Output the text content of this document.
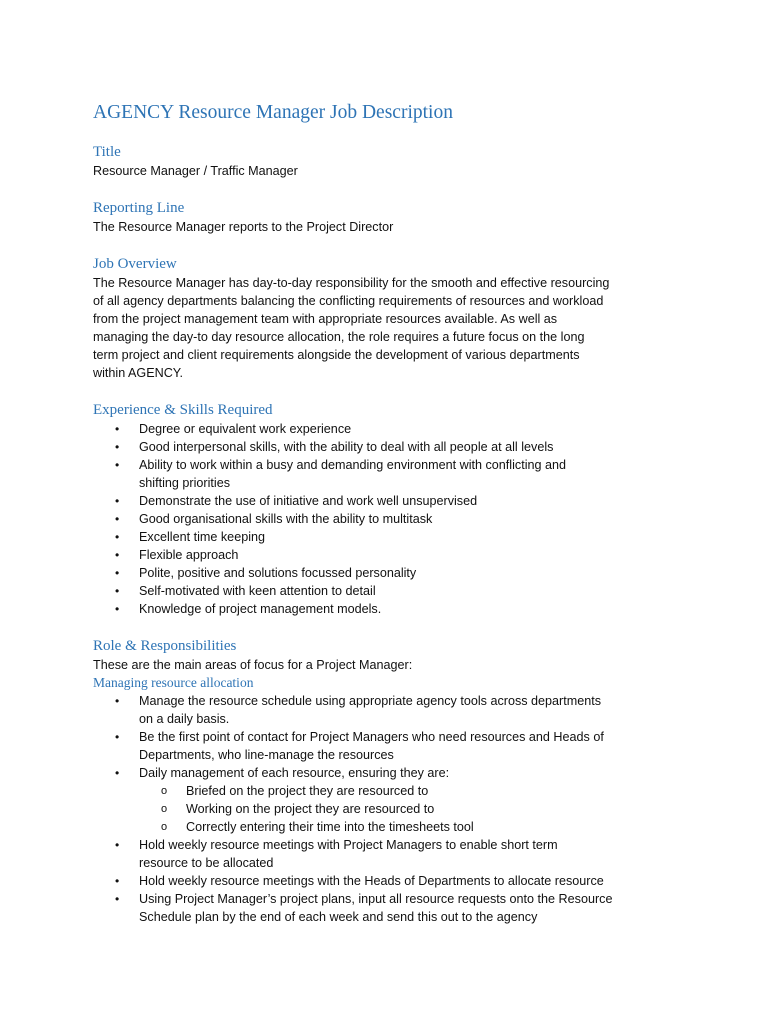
AGENCY Resource Manager Job Description
Title

Resource Manager / Traffic Manager

Reporting Line

The Resource Manager reports to the Project Director

Job Overview

The Resource Manager has day-to-day responsibility for the smooth and effective resourcing

of all agency departments balancing the conflicting requirements of resources and workload

from the project management team with appropriate resources available. As well as

managing the day-to day resource allocation, the role requires a future focus on the long

term project and client requirements alongside the development of various departments

within AGENCY.

Experience & Skills Required
• Degree or equivalent work experience
• Good interpersonal skills, with the ability to deal with all people at all levels
• Ability to work within a busy and demanding environment with conflicting and
shifting priorities
• Demonstrate the use of initiative and work well unsupervised
• Good organisational skills with the ability to multitask
• Excellent time keeping
• Flexible approach
• Polite, positive and solutions focussed personality
• Self-motivated with keen attention to detail
• Knowledge of project management models.
Role & Responsibilities

These are the main areas of focus for a Project Manager:

Managing resource allocation
• Manage the resource schedule using appropriate agency tools across departments
on a daily basis.
• Be the first point of contact for Project Managers who need resources and Heads of
Departments, who line-manage the resources
• Daily management of each resource, ensuring they are:
o Briefed on the project they are resourced to
o Working on the project they are resourced to
o Correctly entering their time into the timesheets tool
• Hold weekly resource meetings with Project Managers to enable short term
resource to be allocated
• Hold weekly resource meetings with the Heads of Departments to allocate resource
• Using Project Manager’s project plans, input all resource requests onto the Resource
Schedule plan by the end of each week and send this out to the agency
